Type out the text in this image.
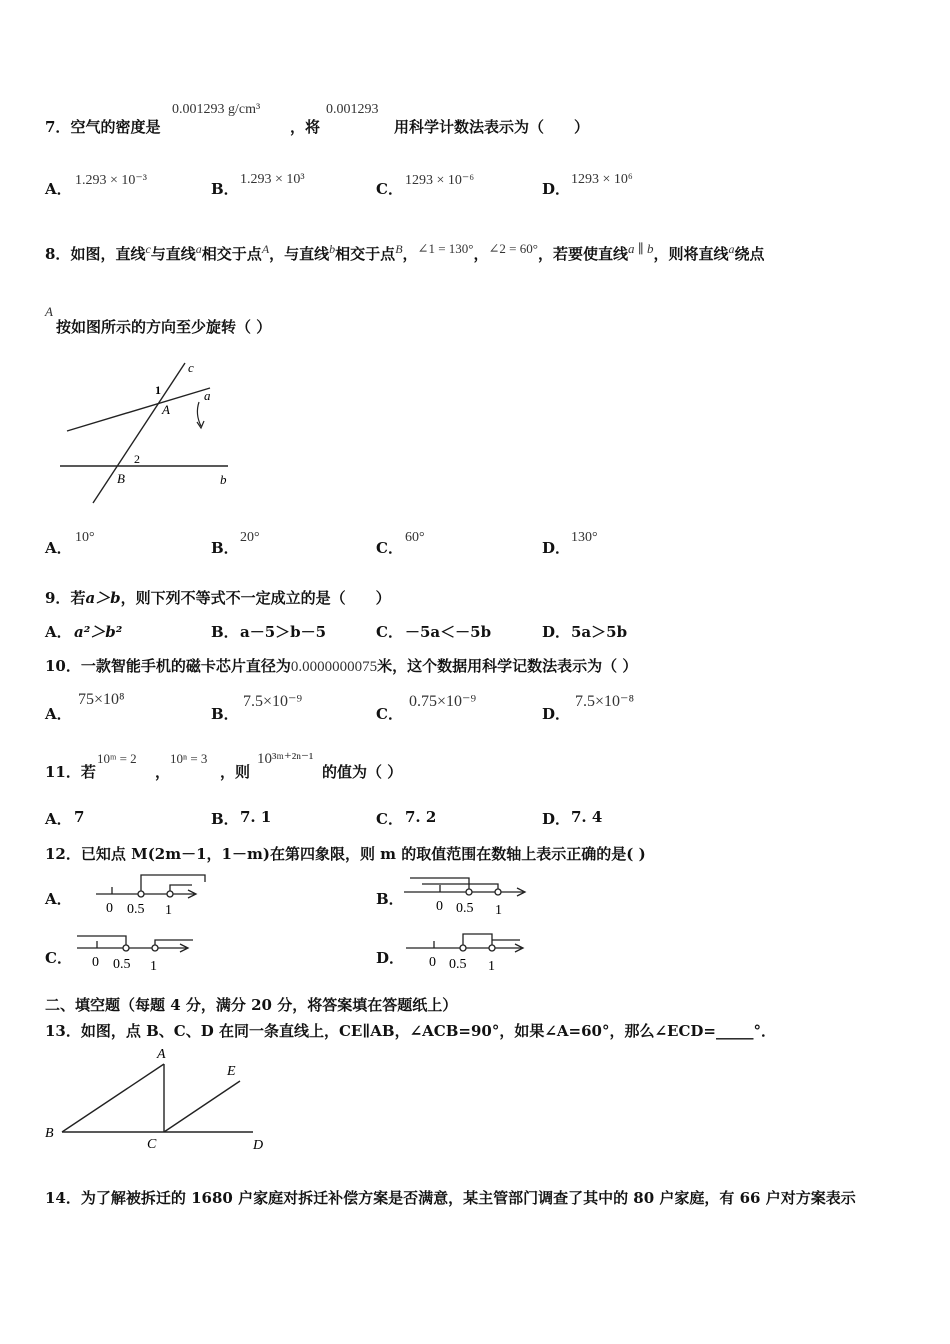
7．空气的密度是
0.001293 g/cm³
，将
0.001293
用科学计数法表示为（　　）
A． 1.293 × 10⁻³	B．
1.293 × 10³
C． 1293 × 10⁻⁶	D．
1293 × 10⁶
8．如图，直线$^c$与直线$^a$相交于点$^A$，与直线$^b$相交于点$^B$，∠1 = 130°，∠2 = 60°，若要使直线a ∥ b，则将直线$^a$绕点
A
按如图所示的方向至少旋转（ ）
c
1
A
a
2
B	b
A．
10°
B．
20°
C．
60°
D．
130°
9．若a＞b，则下列不等式不一定成立的是（　　）
A． a²＞b²	B． a－5＞b－5	C． －5a＜－5b	D． 5a＞5b
10．一款智能手机的磁卡芯片直径为0.0000000075米，这个数据用科学记数法表示为（ ）
A．
75×10⁸
B．
7.5×10⁻⁹
C．
0.75×10⁻⁹
D．
7.5×10⁻⁸
11．若
10ᵐ = 2
，
10ⁿ = 3
，则
10³ᵐ⁺²ⁿ⁻¹
的值为（ ）
A． 7	B． 7. 1	C． 7. 2	D． 7. 4
12．已知点 M(2m－1，1－m)在第四象限，则 m 的取值范围在数轴上表示正确的是( )
A．
0 0.5 1
B． 0 0.5 1
C． 0 0.5 1	D． 0 0.5 1
二、填空题（每题 4 分，满分 20 分，将答案填在答题纸上）
13．如图，点 B、C、D 在同一条直线上，CE∥AB，∠ACB=90°，如果∠A=60°，那么∠ECD=_____°．
A
E
B
C	D
14．为了解被拆迁的 1680 户家庭对拆迁补偿方案是否满意，某主管部门调查了其中的 80 户家庭，有 66 户对方案表示
